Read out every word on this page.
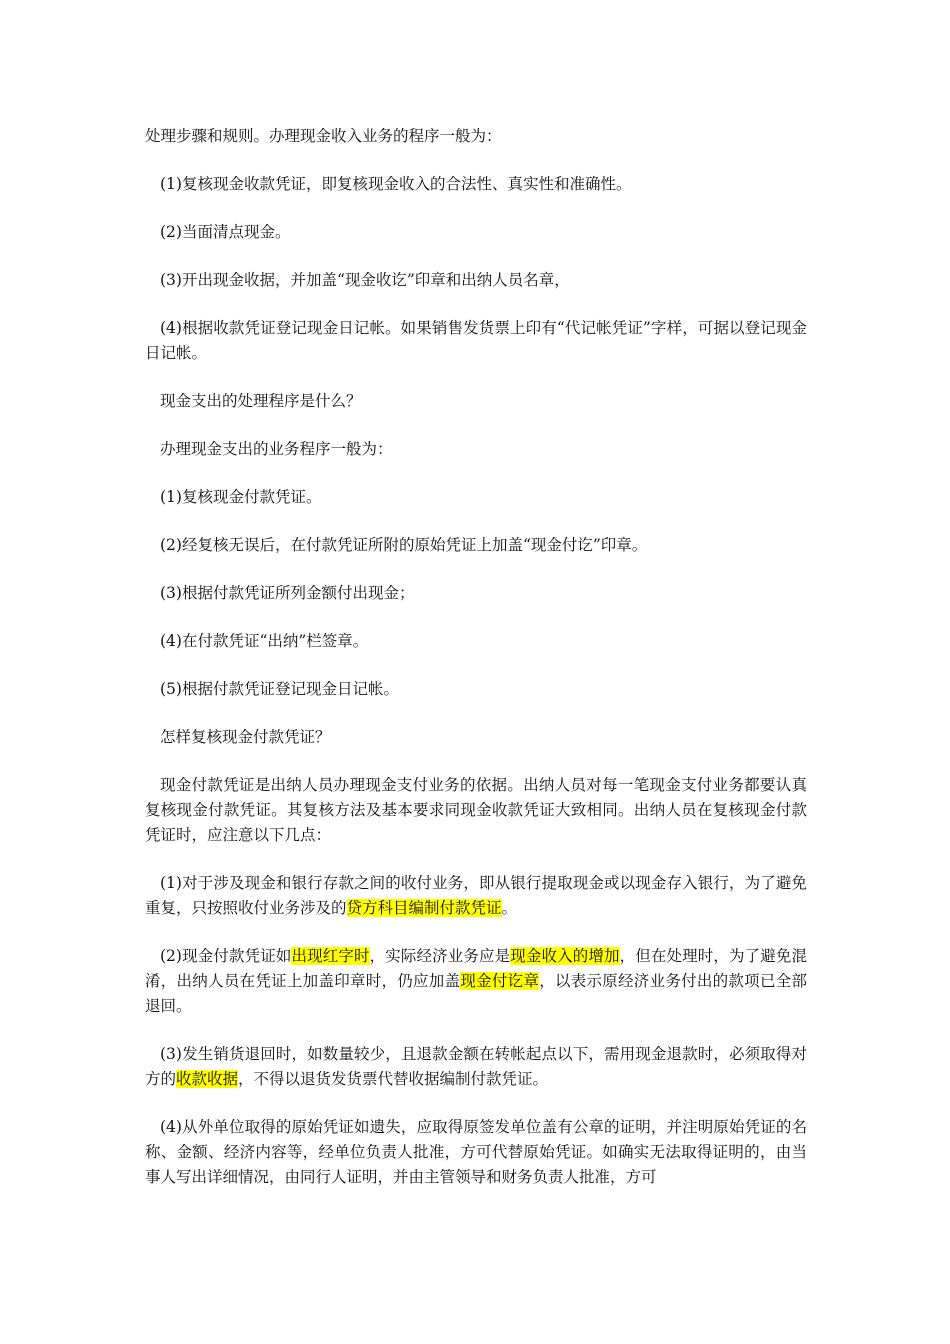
处理步骤和规则。办理现金收入业务的程序一般为：

(1)复核现金收款凭证，即复核现金收入的合法性、真实性和准确性。

(2)当面清点现金。

(3)开出现金收据，并加盖“现金收讫”印章和出纳人员名章，

(4)根据收款凭证登记现金日记帐。如果销售发货票上印有“代记帐凭证”字样，可据以登记现金日记帐。

现金支出的处理程序是什么？

办理现金支出的业务程序一般为：

(1)复核现金付款凭证。

(2)经复核无误后，在付款凭证所附的原始凭证上加盖“现金付讫”印章。

(3)根据付款凭证所列金额付出现金；

(4)在付款凭证“出纳”栏签章。

(5)根据付款凭证登记现金日记帐。

怎样复核现金付款凭证？

现金付款凭证是出纳人员办理现金支付业务的依据。出纳人员对每一笔现金支付业务都要认真复核现金付款凭证。其复核方法及基本要求同现金收款凭证大致相同。出纳人员在复核现金付款凭证时，应注意以下几点：

(1)对于涉及现金和银行存款之间的收付业务，即从银行提取现金或以现金存入银行，为了避免重复，只按照收付业务涉及的贷方科目编制付款凭证。

(2)现金付款凭证如出现红字时，实际经济业务应是现金收入的增加，但在处理时，为了避免混淆，出纳人员在凭证上加盖印章时，仍应加盖现金付讫章，以表示原经济业务付出的款项已全部退回。

(3)发生销货退回时，如数量较少，且退款金额在转帐起点以下，需用现金退款时，必须取得对方的收款收据，不得以退货发货票代替收据编制付款凭证。

(4)从外单位取得的原始凭证如遗失，应取得原签发单位盖有公章的证明，并注明原始凭证的名称、金额、经济内容等，经单位负责人批准，方可代替原始凭证。如确实无法取得证明的，由当事人写出详细情况，由同行人证明，并由主管领导和财务负责人批准，方可
